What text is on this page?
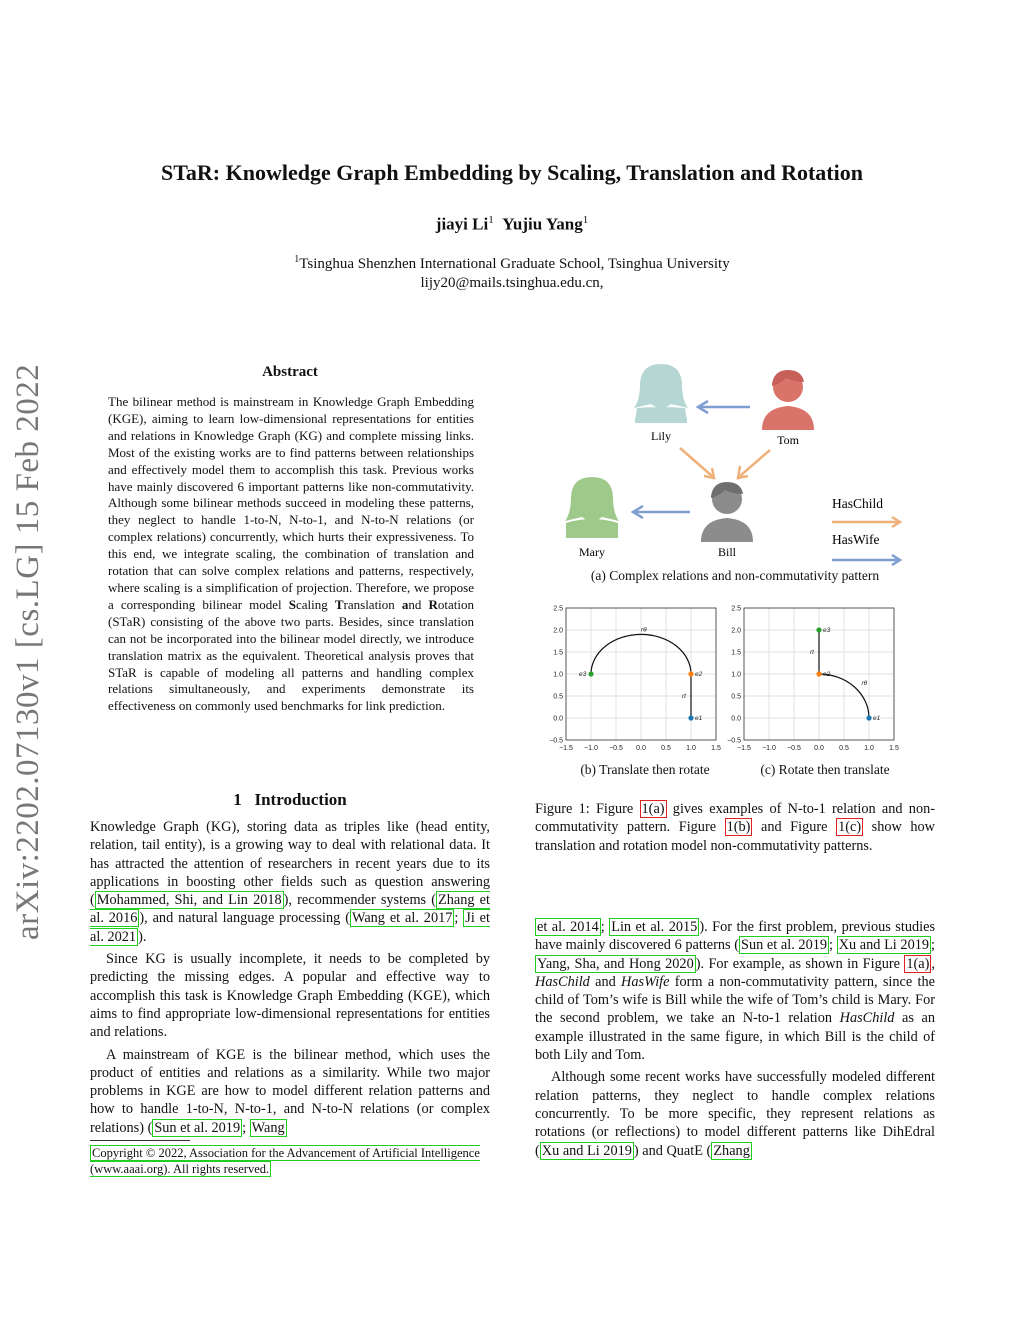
STaR: Knowledge Graph Embedding by Scaling, Translation and Rotation
jiayi Li$^1$ Yujiu Yang$^1$
$^1$Tsinghua Shenzhen International Graduate School, Tsinghua University
lijy20@mails.tsinghua.edu.cn,
arXiv:2202.07130v1 [cs.LG] 15 Feb 2022	Abstract
The bilinear method is mainstream in Knowledge Graph Embedding (KGE), aiming to learn low-dimensional representations for entities and relations in Knowledge Graph (KG) and complete missing links. Most of the existing works are to find patterns between relationships and effectively model them to accomplish this task. Previous works have mainly discovered 6 important patterns like non-commutativity. Although some bilinear methods succeed in modeling these patterns, they neglect to handle 1-to-N, N-to-1, and N-to-N relations (or complex relations) concurrently, which hurts their expressiveness. To this end, we integrate scaling, the combination of translation and rotation that can solve complex relations and patterns, respectively, where scaling is a simplification of projection. Therefore, we propose a corresponding bilinear model Scaling Translation and Rotation (STaR) consisting of the above two parts. Besides, since translation can not be incorporated into the bilinear model directly, we introduce translation matrix as the equivalent. Theoretical analysis proves that STaR is capable of modeling all patterns and handling complex relations simultaneously, and experiments demonstrate its effectiveness on commonly used benchmarks for link prediction.
1 Introduction

Knowledge Graph (KG), storing data as triples like (head entity, relation, tail entity), is a growing way to deal with relational data. It has attracted the attention of researchers in recent years due to its applications in boosting other fields such as question answering ( Mohammed, Shi, and Lin 2018 ), recommender systems ( Zhang et al. 2016 ), and natural language processing ( Wang et al. 2017 ; Ji et al. 2021 ).

Since KG is usually incomplete, it needs to be completed by predicting the missing edges. A popular and effective way to accomplish this task is Knowledge Graph Embedding (KGE), which aims to find appropriate low-dimensional representations for entities and relations.

A mainstream of KGE is the bilinear method, which uses the product of entities and relations as a similarity. While two major problems in KGE are how to model different relation patterns and how to handle 1-to-N, N-to-1, and N-to-N relations (or complex relations) ( Sun et al. 2019 ; Wang

Copyright © 2022, Association for the Advancement of Artificial Intelligence (www.aaai.org). All rights reserved.
Lily	Tom
Mary	Bill
HasChild
HasWife
(a) Complex relations and non-commutativity pattern
−1.5 −1.0 −0.5 0.0 0.5 1.0 1.5
−0.5
0.0
0.5
1.0
1.5
2.0
2.5
rt
rθ
e1
e2
e3
−1.5 −1.0 −0.5 0.0 0.5 1.0 1.5
−0.5
0.0
0.5
1.0
1.5
2.0
2.5
rθ
rt
e1
e2
e3
(b) Translate then rotate	(c) Rotate then translate
Figure 1: Figure 1(a) gives examples of N-to-1 relation and non-commutativity pattern. Figure 1(b) and Figure 1(c) show how translation and rotation model non-commutativity patterns.

et al. 2014 ; Lin et al. 2015 ). For the first problem, previous studies have mainly discovered 6 patterns ( Sun et al. 2019 ; Xu and Li 2019 ; Yang, Sha, and Hong 2020 ). For example, as shown in Figure 1(a) , HasChild and HasWife form a non-commutativity pattern, since the child of Tom’s wife is Bill while the wife of Tom’s child is Mary. For the second problem, we take an N-to-1 relation HasChild as an example illustrated in the same figure, in which Bill is the child of both Lily and Tom.

Although some recent works have successfully modeled different relation patterns, they neglect to handle complex relations concurrently. To be more specific, they represent relations as rotations (or reflections) to model different patterns like DihEdral ( Xu and Li 2019 ) and QuatE ( Zhang
